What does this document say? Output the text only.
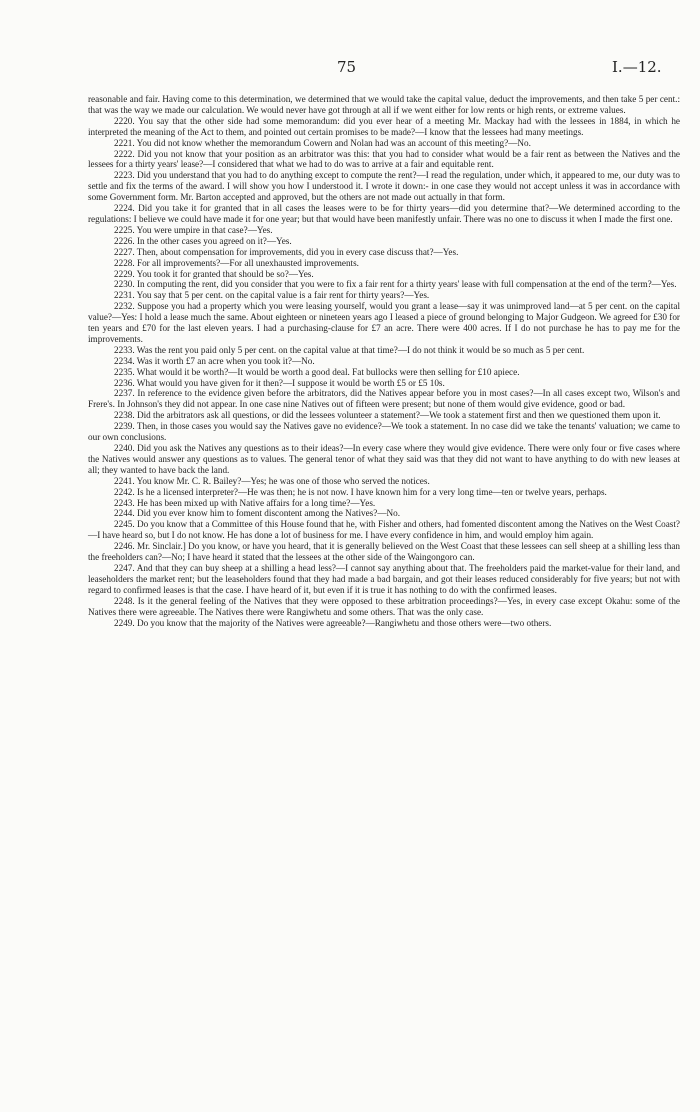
75	I.—12.

reasonable and fair. Having come to this determination, we determined that we would take the capital value, deduct the improvements, and then take 5 per cent.: that was the way we made our calculation. We would never have got through at all if we went either for low rents or high rents, or extreme values.

2220. You say that the other side had some memorandum: did you ever hear of a meeting Mr. Mackay had with the lessees in 1884, in which he interpreted the meaning of the Act to them, and pointed out certain promises to be made?—I know that the lessees had many meetings.

2221. You did not know whether the memorandum Cowern and Nolan had was an account of this meeting?—No.

2222. Did you not know that your position as an arbitrator was this: that you had to consider what would be a fair rent as between the Natives and the lessees for a thirty years' lease?—I considered that what we had to do was to arrive at a fair and equitable rent.

2223. Did you understand that you had to do anything except to compute the rent?—I read the regulation, under which, it appeared to me, our duty was to settle and fix the terms of the award. I will show you how I understood it. I wrote it down:- in one case they would not accept unless it was in accordance with some Government form. Mr. Barton accepted and approved, but the others are not made out actually in that form.

2224. Did you take it for granted that in all cases the leases were to be for thirty years—did you determine that?—We determined according to the regulations: I believe we could have made it for one year; but that would have been manifestly unfair. There was no one to discuss it when I made the first one.

2225. You were umpire in that case?—Yes.

2226. In the other cases you agreed on it?—Yes.

2227. Then, about compensation for improvements, did you in every case discuss that?—Yes.

2228. For all improvements?—For all unexhausted improvements.

2229. You took it for granted that should be so?—Yes.

2230. In computing the rent, did you consider that you were to fix a fair rent for a thirty years' lease with full compensation at the end of the term?—Yes.

2231. You say that 5 per cent. on the capital value is a fair rent for thirty years?—Yes.

2232. Suppose you had a property which you were leasing yourself, would you grant a lease—say it was unimproved land—at 5 per cent. on the capital value?—Yes: I hold a lease much the same. About eighteen or nineteen years ago I leased a piece of ground belonging to Major Gudgeon. We agreed for £30 for ten years and £70 for the last eleven years. I had a purchasing-clause for £7 an acre. There were 400 acres. If I do not purchase he has to pay me for the improvements.

2233. Was the rent you paid only 5 per cent. on the capital value at that time?—I do not think it would be so much as 5 per cent.

2234. Was it worth £7 an acre when you took it?—No.

2235. What would it be worth?—It would be worth a good deal. Fat bullocks were then selling for £10 apiece.

2236. What would you have given for it then?—I suppose it would be worth £5 or £5 10s.

2237. In reference to the evidence given before the arbitrators, did the Natives appear before you in most cases?—In all cases except two, Wilson's and Frere's. In Johnson's they did not appear. In one case nine Natives out of fifteen were present; but none of them would give evidence, good or bad.

2238. Did the arbitrators ask all questions, or did the lessees volunteer a statement?—We took a statement first and then we questioned them upon it.

2239. Then, in those cases you would say the Natives gave no evidence?—We took a statement. In no case did we take the tenants' valuation; we came to our own conclusions.

2240. Did you ask the Natives any questions as to their ideas?—In every case where they would give evidence. There were only four or five cases where the Natives would answer any questions as to values. The general tenor of what they said was that they did not want to have anything to do with new leases at all; they wanted to have back the land.

2241. You know Mr. C. R. Bailey?—Yes; he was one of those who served the notices.

2242. Is he a licensed interpreter?—He was then; he is not now. I have known him for a very long time—ten or twelve years, perhaps.

2243. He has been mixed up with Native affairs for a long time?—Yes.

2244. Did you ever know him to foment discontent among the Natives?—No.

2245. Do you know that a Committee of this House found that he, with Fisher and others, had fomented discontent among the Natives on the West Coast?—I have heard so, but I do not know. He has done a lot of business for me. I have every confidence in him, and would employ him again.

2246. Mr. Sinclair.] Do you know, or have you heard, that it is generally believed on the West Coast that these lessees can sell sheep at a shilling less than the freeholders can?—No; I have heard it stated that the lessees at the other side of the Waingongoro can.

2247. And that they can buy sheep at a shilling a head less?—I cannot say anything about that. The freeholders paid the market-value for their land, and leaseholders the market rent; but the leaseholders found that they had made a bad bargain, and got their leases reduced considerably for five years; but not with regard to confirmed leases is that the case. I have heard of it, but even if it is true it has nothing to do with the confirmed leases.

2248. Is it the general feeling of the Natives that they were opposed to these arbitration proceedings?—Yes, in every case except Okahu: some of the Natives there were agreeable. The Natives there were Rangiwhetu and some others. That was the only case.

2249. Do you know that the majority of the Natives were agreeable?—Rangiwhetu and those others were—two others.
